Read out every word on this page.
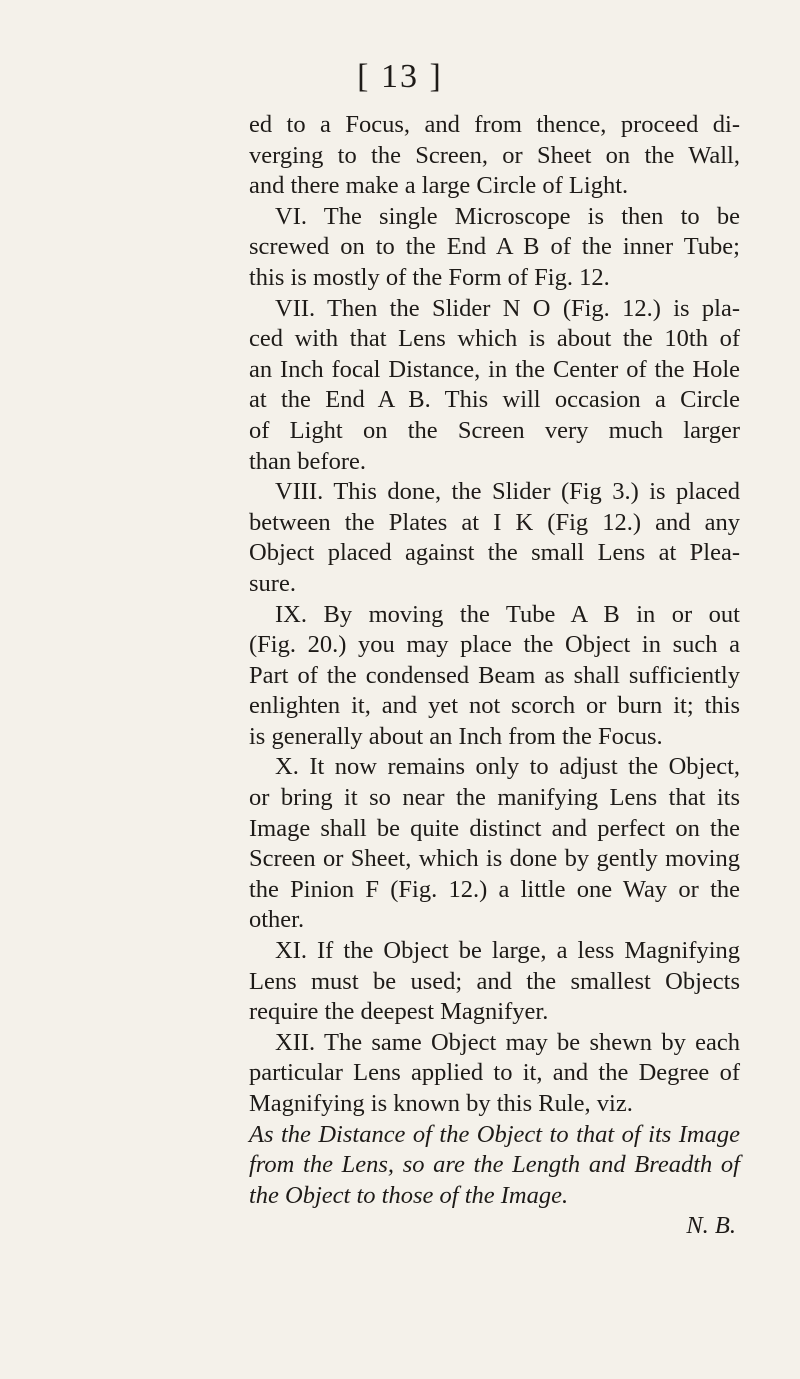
[ 13 ]
ed to a Focus, and from thence, proceed di-
verging to the Screen, or Sheet on the Wall,
and there make a large Circle of Light.
VI. The single Microscope is then to be
screwed on to the End A B of the inner Tube;
this is mostly of the Form of Fig. 12.
VII. Then the Slider N O (Fig. 12.) is pla-
ced with that Lens which is about the 10th of
an Inch focal Distance, in the Center of the Hole
at the End A B. This will occasion a Circle
of Light on the Screen very much larger
than before.
VIII. This done, the Slider (Fig 3.) is placed
between the Plates at I K (Fig 12.) and any
Object placed against the small Lens at Plea-
sure.
IX. By moving the Tube A B in or out
(Fig. 20.) you may place the Object in such a
Part of the condensed Beam as shall sufficiently
enlighten it, and yet not scorch or burn it; this
is generally about an Inch from the Focus.
X. It now remains only to adjust the Object,
or bring it so near the manifying Lens that its
Image shall be quite distinct and perfect on the
Screen or Sheet, which is done by gently moving
the Pinion F (Fig. 12.) a little one Way or the
other.
XI. If the Object be large, a less Magnifying
Lens must be used; and the smallest Objects
require the deepest Magnifyer.
XII. The same Object may be shewn by each
particular Lens applied to it, and the Degree of
Magnifying is known by this Rule, viz.
As the Distance of the Object to that of its Image
from the Lens, so are the Length and Breadth of
the Object to those of the Image.
N. B.
